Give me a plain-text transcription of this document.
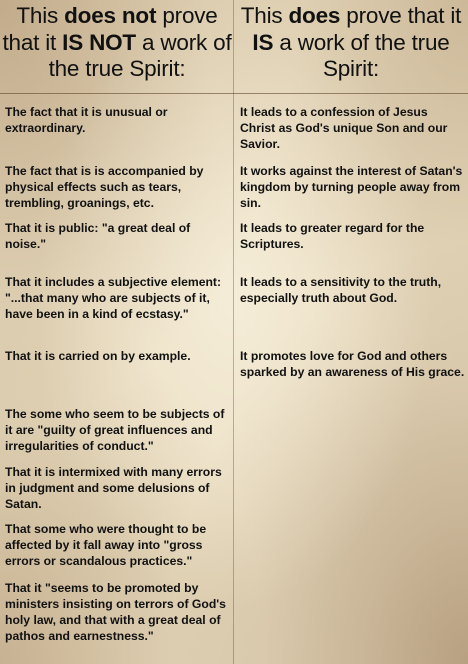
This does not prove that it IS NOT a work of the true Spirit:
This does prove that it IS a work of the true Spirit:
The fact that it is unusual or extraordinary.
The fact that is is accompanied by physical effects such as tears, trembling, groanings, etc.
That it is public: "a great deal of noise."
That it includes a subjective element: "...that many who are subjects of it, have been in a kind of ecstasy."
That it is carried on by example.
The some who seem to be subjects of it are "guilty of great influences and irregularities of conduct."
That it is intermixed with many errors in judgment and some delusions of Satan.
That some who were thought to be affected by it fall away into "gross errors or scandalous practices."
That it "seems to be promoted by ministers insisting on terrors of God's holy law, and that with a great deal of pathos and earnestness."
It leads to a confession of Jesus Christ as God's unique Son and our Savior.
It works against the interest of Satan's kingdom by turning people away from sin.
It leads to greater regard for the Scriptures.
It leads to a sensitivity to the truth, especially truth about God.
It promotes love for God and others sparked by an awareness of His grace.
